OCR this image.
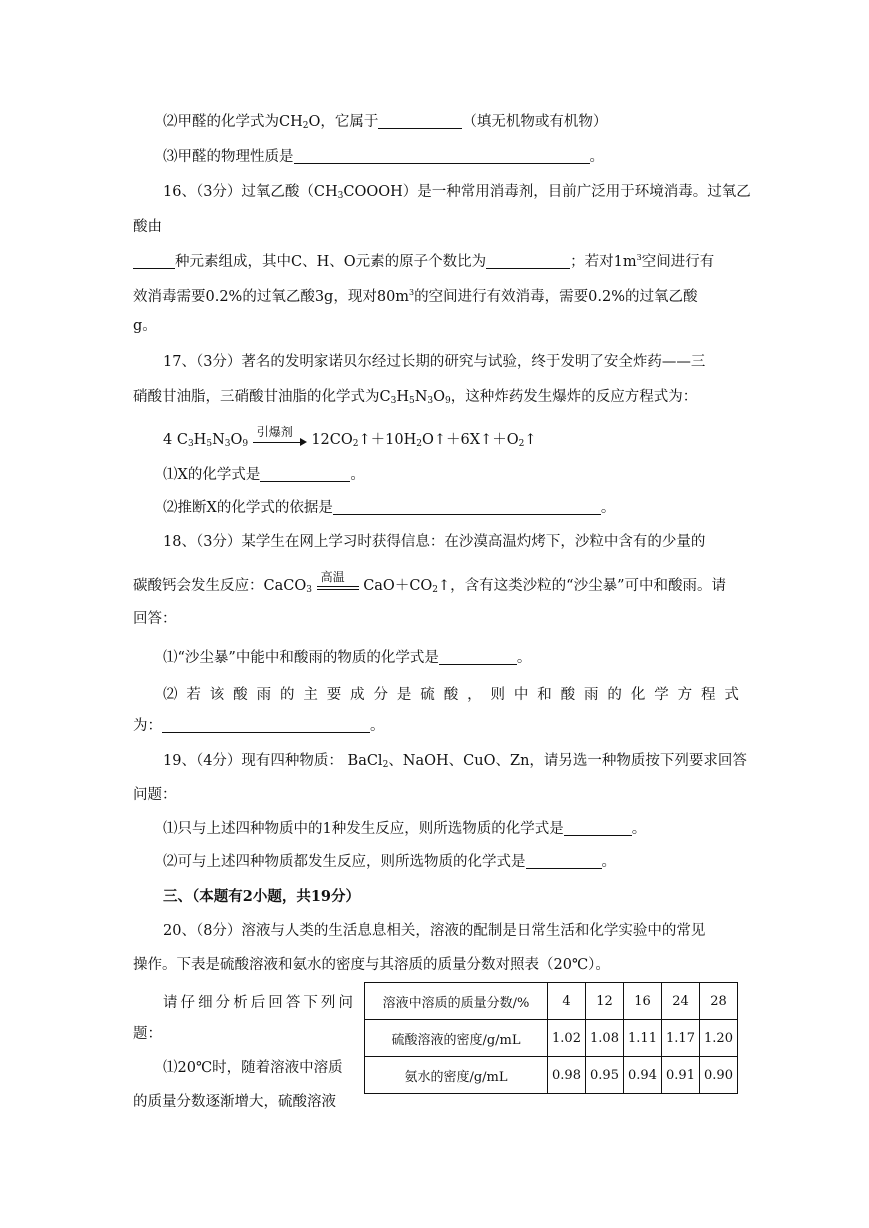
⑵甲醛的化学式为$CH_2O$，它属于	（填无机物或有机物）
⑶甲醛的物理性质是	。
16、（3分）过氧乙酸$(CH_3COOOH)$是一种常用消毒剂，目前广泛用于环境消毒。过氧乙
酸由
种元素组成，其中C、H、O元素的原子个数比为	；若对$1m^3$空间进行有
效消毒需要0.2%的过氧乙酸3g，现对$80m^3$的空间进行有效消毒，需要0.2%的过氧乙酸
g。
17、（3分）著名的发明家诺贝尔经过长期的研究与试验，终于发明了安全炸药——三
硝酸甘油脂，三硝酸甘油脂的化学式为$C_3H_5N_3O_9$，这种炸药发生爆炸的反应方程式为：
4 $C_3H_5N_3O_9$
引爆剂 $12CO_2↑+10H_2O↑+6X↑+O_2↑$
⑴X的化学式是	。
⑵推断X的化学式的依据是	。
18、（3分）某学生在网上学习时获得信息：在沙漠高温灼烤下，沙粒中含有的少量的
碳酸钙会发生反应：CaCO$_3$
高温
$CaO+CO_2↑$，含有这类沙粒的“沙尘暴”可中和酸雨。请
回答：
⑴“沙尘暴”中能中和酸雨的物质的化学式是	。
⑵ 若 该 酸 雨 的 主 要 成 分 是 硫 酸 ， 则 中 和 酸 雨 的 化 学 方 程 式
为：	。
19、（4分）现有四种物质： BaCl$_2$、NaOH、CuO、Zn，请另选一种物质按下列要求回答
问题：
⑴只与上述四种物质中的1种发生反应，则所选物质的化学式是	。
⑵可与上述四种物质都发生反应，则所选物质的化学式是	。
三、（本题有2小题，共19分）
20、（8分）溶液与人类的生活息息相关，溶液的配制是日常生活和化学实验中的常见
操作。下表是硫酸溶液和氨水的密度与其溶质的质量分数对照表（20℃）。
请 仔 细 分 析 后 回 答 下 列 问
题：
⑴20℃时，随着溶液中溶质
的质量分数逐渐增大，硫酸溶液
溶液中溶质的质量分数/%	4	12	16	24	28
硫酸溶液的密度/g/mL	1.02	1.08	1.11	1.17	1.20
氨水的密度/g/mL	0.98	0.95	0.94	0.91	0.90
